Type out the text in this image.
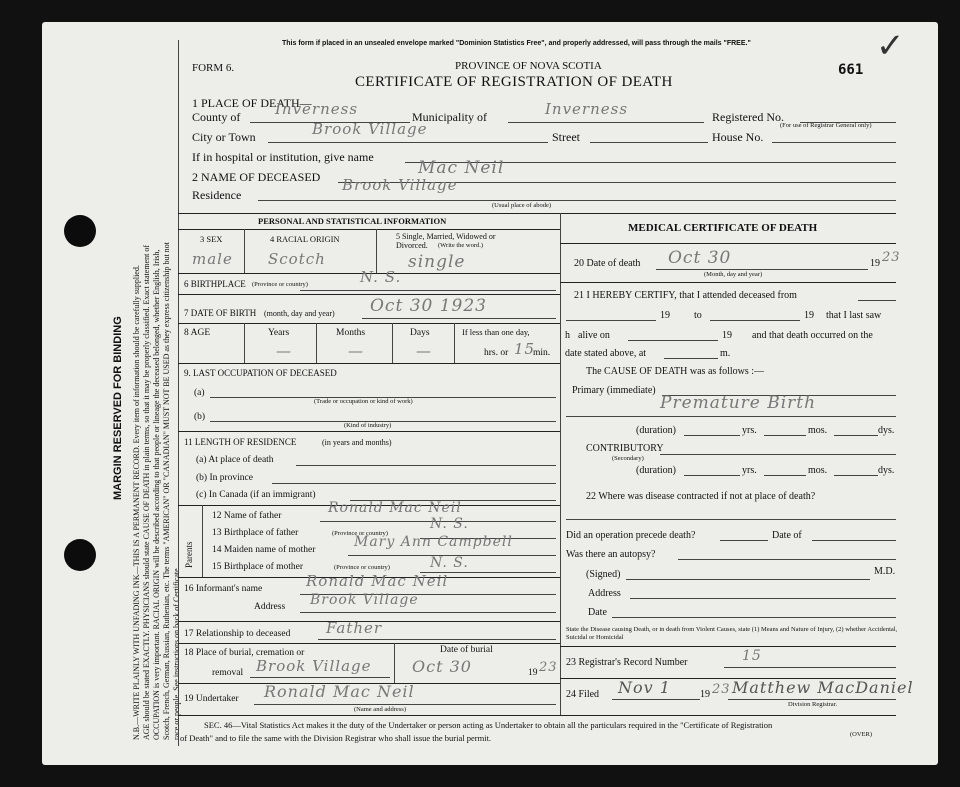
MARGIN RESERVED FOR BINDING N.B.—WRITE PLAINLY WITH UNFADING INK—THIS IS A PERMANENT RECORD. Every item of information should be carefully supplied. AGE should be stated EXACTLY. PHYSICIANS should state CAUSE OF DEATH in plain terms, so that it may be properly classified. Exact statement of OCCUPATION is very important. RACIAL ORIGIN will be described according to that people or lineage the deceased belonged, whether English, Irish, Scotch, French, German, Russian, Ruthenian, etc. The terms "AMERICAN" OR "CANADIAN" MUST NOT BE USED as they express citizenship but not race or people. See instructions on back of Certificate.
This form if placed in an unsealed envelope marked "Dominion Statistics Free", and properly addressed, will pass through the mails "FREE."
FORM 6.	PROVINCE OF NOVA SCOTIA
CERTIFICATE OF REGISTRATION OF DEATH
661
✓
1 PLACE OF DEATH—
County of Inverness	Municipality of	Inverness	Registered No.
(For use of Registrar General only)
City or Town	Brook Village	Street	House No.
If in hospital or institution, give name
2 NAME OF DECEASED	Mac Neil
Residence
Brook Village
(Usual place of abode)
PERSONAL AND STATISTICAL INFORMATION
3 SEX	4 RACIAL ORIGIN	5 Single, Married, Widowed or
Divorced. (Write the word.)
male Scotch	single
6 BIRTHPLACE (Province or country)	N. S.
7 DATE OF BIRTH (month, day and year) Oct 30 1923
8 AGE	Years	Months	Days
—	—	—
If less than one day,
hrs. or 15
min.
9. LAST OCCUPATION OF DECEASED
(a)
(Trade or occupation or kind of work)
(b)
(Kind of industry)
11 LENGTH OF RESIDENCE	(in years and months)
(a) At place of death
(b) In province
(c) In Canada (if an immigrant)
Parents
12 Name of father	Ronald Mac Neil
13 Birthplace of father	(Province or country)
N. S.
14 Maiden name of mother	Mary Ann Campbell
15 Birthplace of mother	(Province or country)	N. S.
16 Informant's name	Ronald Mac Neil
Address Brook Village
17 Relationship to deceased Father
18 Place of burial, cremation or
removal Brook Village
Date of burial
Oct 30	19 23
19 Undertaker Ronald Mac Neil
(Name and address)
MEDICAL CERTIFICATE OF DEATH
20 Date of death Oct 30
(Month, day and year)
19 23
21 I HEREBY CERTIFY, that I attended deceased from
19 to	19 that I last saw
h alive on	19 and that death occurred on the
date stated above, at	m.
The CAUSE OF DEATH was as follows :—
Primary (immediate)
Premature Birth
(duration)	yrs.	mos.	dys.
CONTRIBUTORY
(Secondary)
(duration)	yrs.	mos.	dys.
22 Where was disease contracted if not at place of death?
Did an operation precede death?	Date of
Was there an autopsy?
(Signed)	M.D.
Address
Date
State the Disease causing Death, or in death from Violent Causes, state (1) Means and Nature of Injury, (2) whether Accidental, Suicidal or Homicidal
23 Registrar's Record Number	15
24 Filed Nov 1	19 23 Matthew MacDaniel
Division Registrar.
SEC. 46—Vital Statistics Act makes it the duty of the Undertaker or person acting as Undertaker to obtain all the particulars required in the "Certificate of Registration
of Death" and to file the same with the Division Registrar who shall issue the burial permit.	(OVER)
